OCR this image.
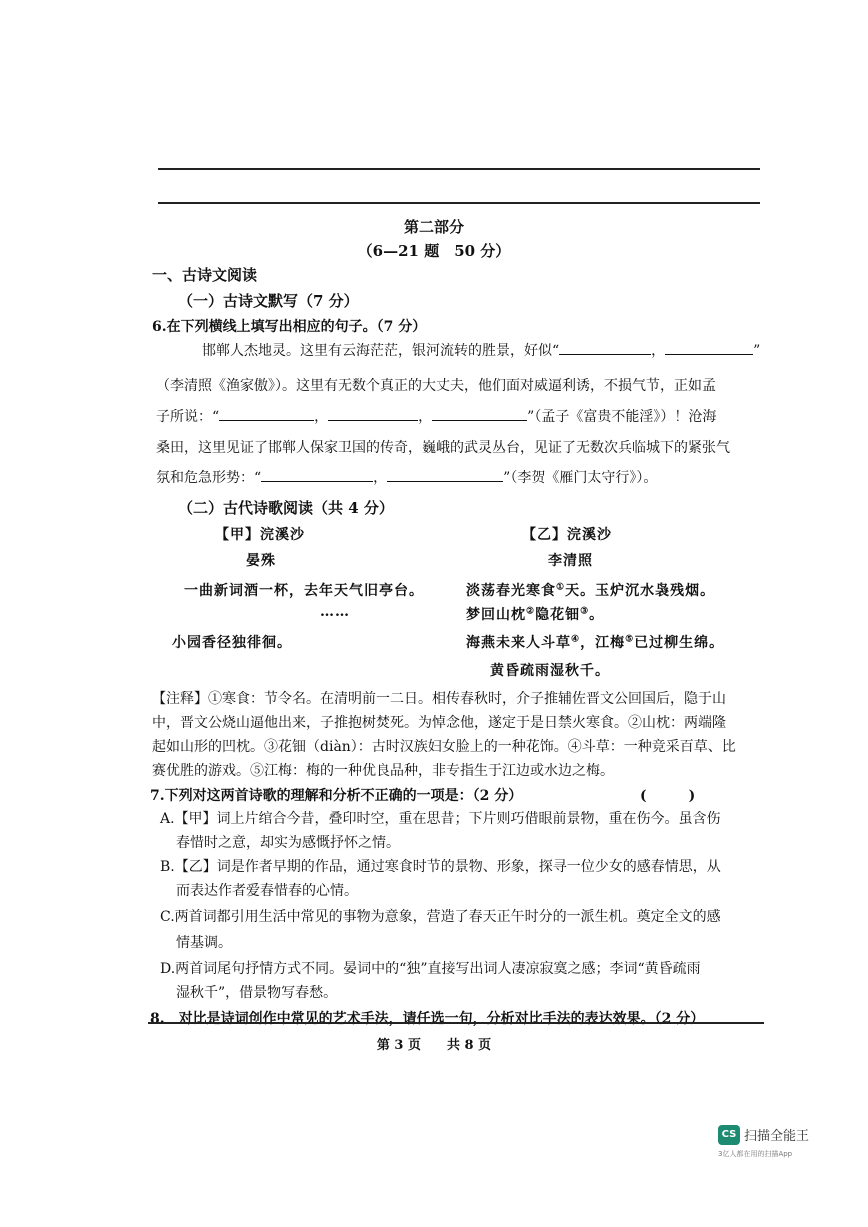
第二部分
（6—21 题　50 分）
一、古诗文阅读
（一）古诗文默写（7 分）
6.在下列横线上填写出相应的句子。（7 分）
邯郸人杰地灵。这里有云海茫茫，银河流转的胜景，好似“	，	”
（李清照《渔家傲》）。这里有无数个真正的大丈夫，他们面对威逼利诱，不损气节，正如孟
子所说：“	，	，	”（孟子《富贵不能淫》）！沧海
桑田，这里见证了邯郸人保家卫国的传奇，巍峨的武灵丛台，见证了无数次兵临城下的紧张气
氛和危急形势：“	，	”（李贺《雁门太守行》）。
（二）古代诗歌阅读（共 4 分）
【甲】浣溪沙
晏殊
一曲新词酒一杯，去年天气旧亭台。
……
小园香径独徘徊。
【乙】浣溪沙
李清照
淡荡春光寒食①天。玉炉沉水袅残烟。
梦回山枕②隐花钿③。
海燕未来人斗草④，江梅⑤已过柳生绵。
黄昏疏雨湿秋千。
【注释】①寒食：节令名。在清明前一二日。相传春秋时，介子推辅佐晋文公回国后，隐于山
中，晋文公烧山逼他出来，子推抱树焚死。为悼念他，遂定于是日禁火寒食。②山枕：两端隆
起如山形的凹枕。③花钿（diàn）：古时汉族妇女脸上的一种花饰。④斗草：一种竞采百草、比
赛优胜的游戏。⑤江梅：梅的一种优良品种，非专指生于江边或水边之梅。
7.下列对这两首诗歌的理解和分析不正确的一项是：（2 分）	(　　　)
A.【甲】词上片绾合今昔，叠印时空，重在思昔；下片则巧借眼前景物，重在伤今。虽含伤
春惜时之意，却实为感慨抒怀之情。
B.【乙】词是作者早期的作品，通过寒食时节的景物、形象，探寻一位少女的感春情思，从
而表达作者爱春惜春的心情。
C.两首词都引用生活中常见的事物为意象，营造了春天正午时分的一派生机。奠定全文的感
情基调。
D.两首词尾句抒情方式不同。晏词中的“独”直接写出词人凄凉寂寞之感；李词“黄昏疏雨
湿秋千”，借景物写春愁。
8.　对比是诗词创作中常见的艺术手法，请任选一句，分析对比手法的表达效果。（2 分）
第 3 页　　共 8 页
CS 扫描全能王
3亿人都在用的扫描App
